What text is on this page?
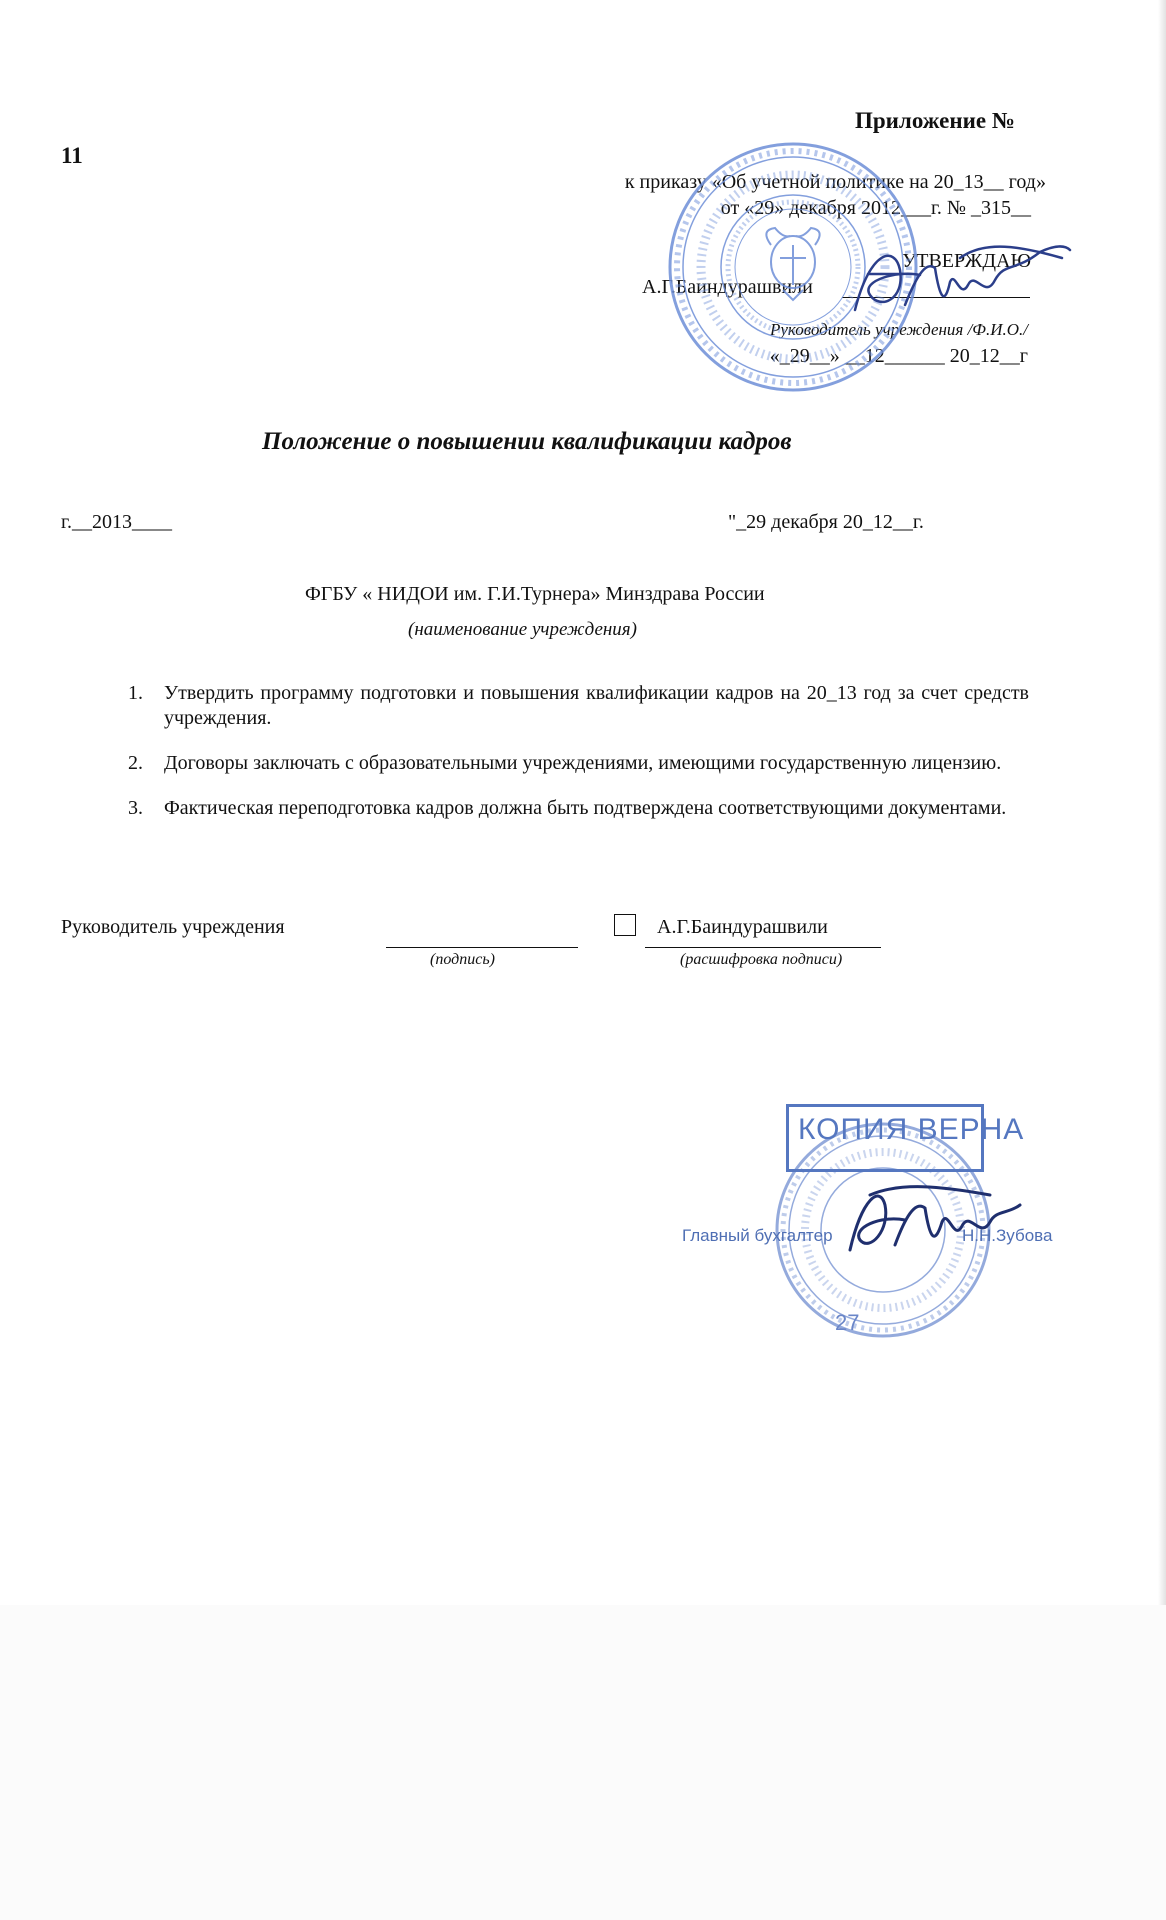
Приложение №
11
к приказу «Об учетной политике на 20_13__ год»
от «29» декабря 2012___г. № _315__
УТВЕРЖДАЮ
А.Г.Баиндурашвили
Руководитель учреждения /Ф.И.О./
«_29__» __12______ 20_12__г
Положение о повышении квалификации кадров
г.__2013____	"_29 декабря 20_12__г.
ФГБУ « НИДОИ им. Г.И.Турнера» Минздрава России
(наименование учреждения)
1. Утвердить программу подготовки и повышения квалификации кадров на 20_13 год за счет средств учреждения.
2. Договоры заключать с образовательными учреждениями, имеющими государственную лицензию.
3. Фактическая переподготовка кадров должна быть подтверждена соответствующими документами.
Руководитель учреждения	А.Г.Баиндурашвили
(подпись)	(расшифровка подписи)
КОПИЯ ВЕРНА
Главный бухгалтер	Н.Н.Зубова
27
